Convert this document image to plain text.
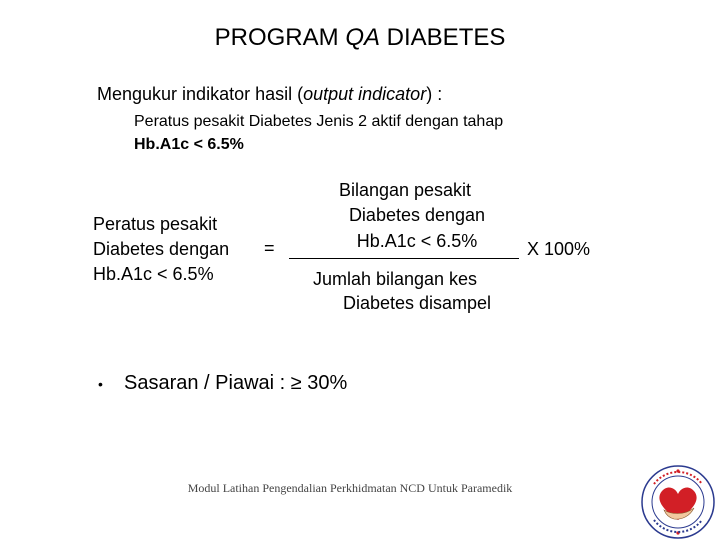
PROGRAM QA DIABETES
Mengukur indikator hasil (output indicator) :
Peratus pesakit Diabetes Jenis 2 aktif dengan tahap
Hb.A1c < 6.5%
Peratus pesakit
Diabetes dengan
Hb.A1c < 6.5%
=
Bilangan pesakit
Diabetes dengan
Hb.A1c < 6.5%
Jumlah bilangan kes
Diabetes disampel
X 100%
• Sasaran / Piawai : ≥ 30%
Modul Latihan Pengendalian Perkhidmatan NCD Untuk Paramedik
